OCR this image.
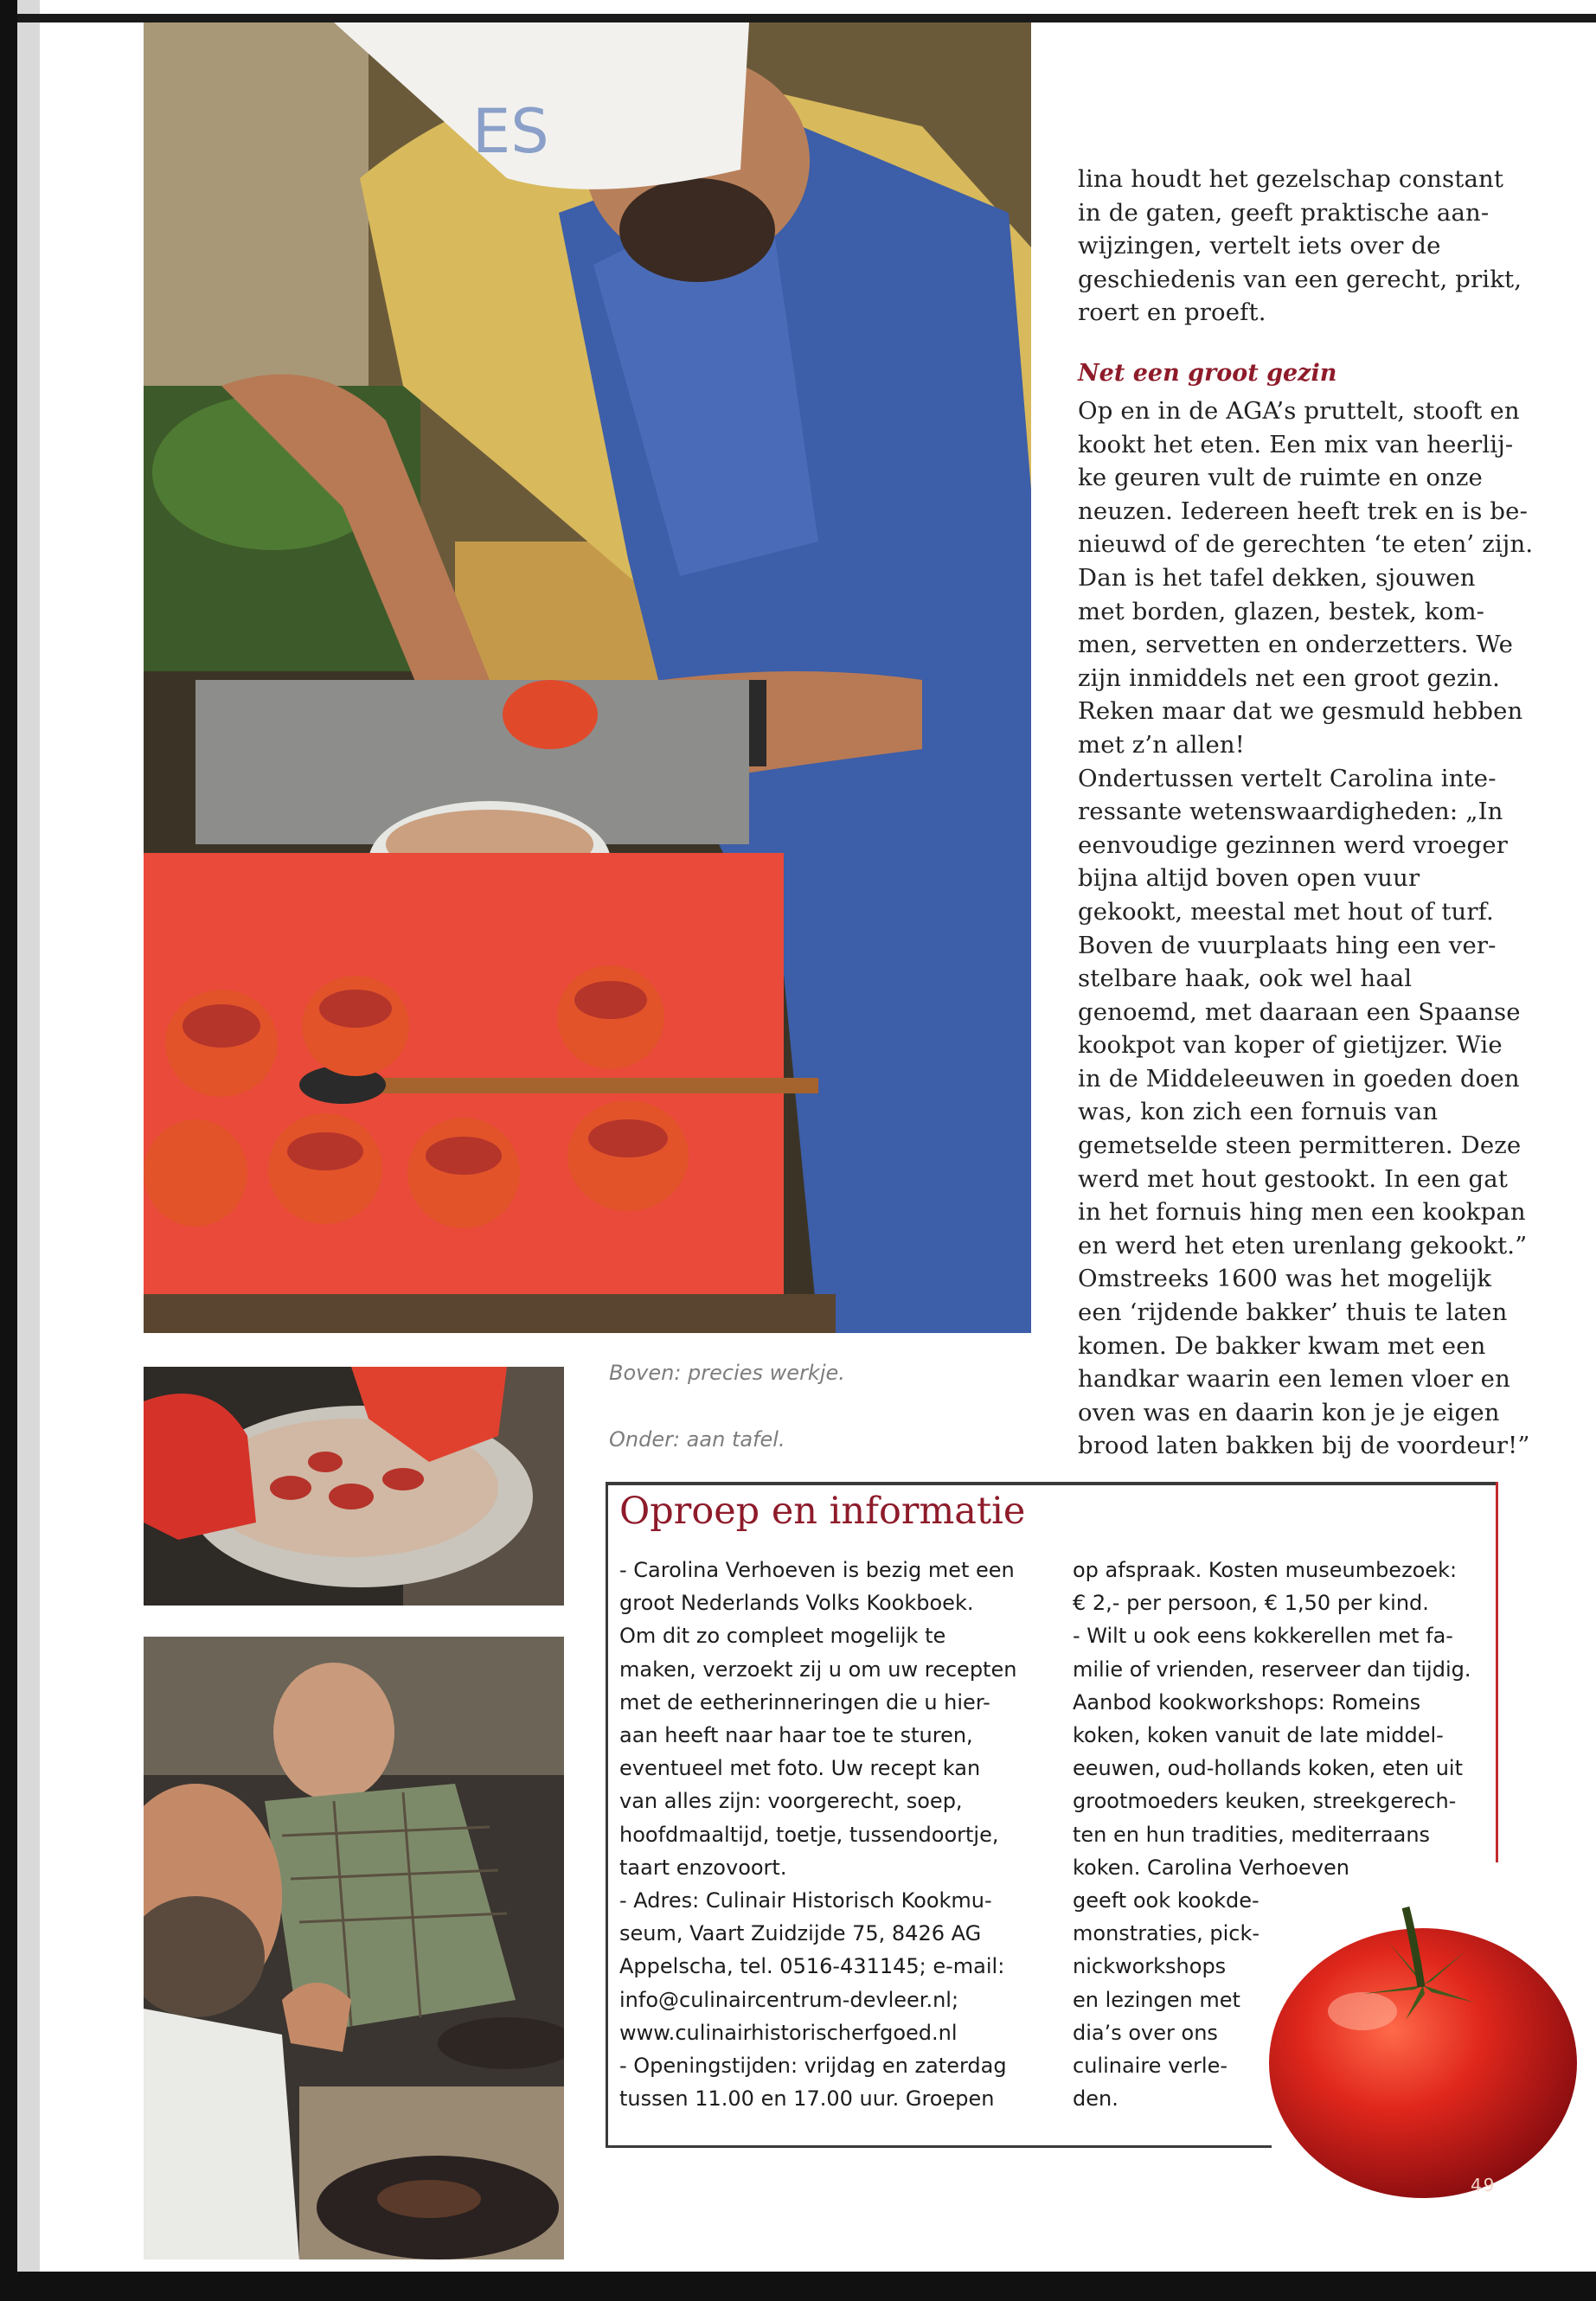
ES
lina houdt het gezelschap constant
in de gaten, geeft praktische aan-
wijzingen, vertelt iets over de
geschiedenis van een gerecht, prikt,
roert en proeft.
Net een groot gezin
Op en in de AGA’s pruttelt, stooft en
kookt het eten. Een mix van heerlij-
ke geuren vult de ruimte en onze
neuzen. Iedereen heeft trek en is be-
nieuwd of de gerechten ‘te eten’ zijn.
Dan is het tafel dekken, sjouwen
met borden, glazen, bestek, kom-
men, servetten en onderzetters. We
zijn inmiddels net een groot gezin.
Reken maar dat we gesmuld hebben
met z’n allen!
Ondertussen vertelt Carolina inte-
ressante wetenswaardigheden: „In
eenvoudige gezinnen werd vroeger
bijna altijd boven open vuur
gekookt, meestal met hout of turf.
Boven de vuurplaats hing een ver-
stelbare haak, ook wel haal
genoemd, met daaraan een Spaanse
kookpot van koper of gietijzer. Wie
in de Middeleeuwen in goeden doen
was, kon zich een fornuis van
gemetselde steen permitteren. Deze
werd met hout gestookt. In een gat
in het fornuis hing men een kookpan
en werd het eten urenlang gekookt.”
Omstreeks 1600 was het mogelijk
een ‘rijdende bakker’ thuis te laten
komen. De bakker kwam met een
handkar waarin een lemen vloer en
oven was en daarin kon je je eigen
brood laten bakken bij de voordeur!”
Boven: precies werkje.
Onder: aan tafel.
Oproep en informatie
- Carolina Verhoeven is bezig met een
groot Nederlands Volks Kookboek.
Om dit zo compleet mogelijk te
maken, verzoekt zij u om uw recepten
met de eetherinneringen die u hier-
aan heeft naar haar toe te sturen,
eventueel met foto. Uw recept kan
van alles zijn: voorgerecht, soep,
hoofdmaaltijd, toetje, tussendoortje,
taart enzovoort.
- Adres: Culinair Historisch Kookmu-
seum, Vaart Zuidzijde 75, 8426 AG
Appelscha, tel. 0516-431145; e-mail:
info@culinaircentrum-devleer.nl;
www.culinairhistorischerfgoed.nl
- Openingstijden: vrijdag en zaterdag
tussen 11.00 en 17.00 uur. Groepen
op afspraak. Kosten museumbezoek:
€ 2,- per persoon, € 1,50 per kind.
- Wilt u ook eens kokkerellen met fa-
milie of vrienden, reserveer dan tijdig.
Aanbod kookworkshops: Romeins
koken, koken vanuit de late middel-
eeuwen, oud-hollands koken, eten uit
grootmoeders keuken, streekgerech-
ten en hun tradities, mediterraans
koken. Carolina Verhoeven
geeft ook kookde-
monstraties, pick-
nickworkshops
en lezingen met
dia’s over ons
culinaire verle-
den.
49
